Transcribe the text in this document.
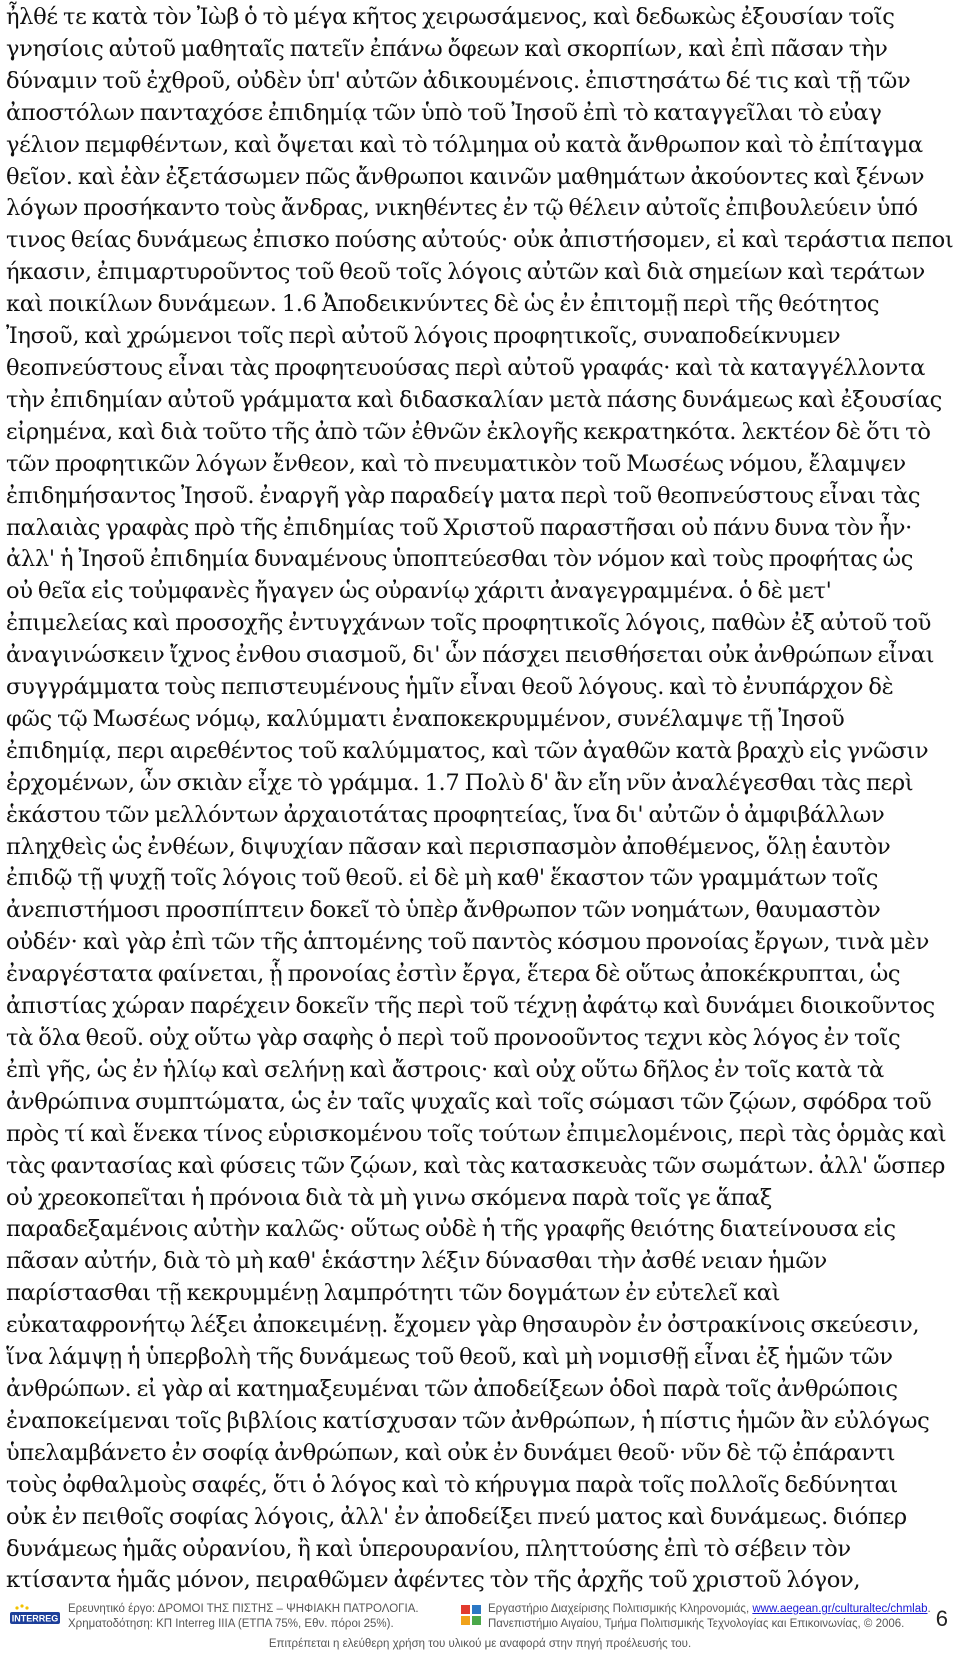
ἦλθέ τε κατὰ τὸν Ἰὼβ ὁ τὸ μέγα κῆτος χειρωσάμενος, καὶ δεδωκὼς ἐξουσίαν τοῖς
γνησίοις αὐτοῦ μαθηταῖς πατεῖν ἐπάνω ὄφεων καὶ σκορπίων, καὶ ἐπὶ πᾶσαν τὴν
δύναμιν τοῦ ἐχθροῦ, οὐδὲν ὑπ' αὐτῶν ἀδικουμένοις. ἐπιστησάτω δέ τις καὶ τῇ τῶν
ἀποστόλων πανταχόσε ἐπιδημίᾳ τῶν ὑπὸ τοῦ Ἰησοῦ ἐπὶ τὸ καταγγεῖλαι τὸ εὐαγ
γέλιον πεμφθέντων, καὶ ὄψεται καὶ τὸ τόλμημα οὐ κατὰ ἄνθρωπον καὶ τὸ ἐπίταγμα
θεῖον. καὶ ἐὰν ἐξετάσωμεν πῶς ἄνθρωποι καινῶν μαθημάτων ἀκούοντες καὶ ξένων
λόγων προσήκαντο τοὺς ἄνδρας, νικηθέντες ἐν τῷ θέλειν αὐτοῖς ἐπιβουλεύειν ὑπό
τινος θείας δυνάμεως ἐπισκο πούσης αὐτούς· οὐκ ἀπιστήσομεν, εἰ καὶ τεράστια πεποι
ήκασιν, ἐπιμαρτυροῦντος τοῦ θεοῦ τοῖς λόγοις αὐτῶν καὶ διὰ σημείων καὶ τεράτων
καὶ ποικίλων δυνάμεων. 1.6 Ἀποδεικνύντες δὲ ὡς ἐν ἐπιτομῇ περὶ τῆς θεότητος
Ἰησοῦ, καὶ χρώμενοι τοῖς περὶ αὐτοῦ λόγοις προφητικοῖς, συναποδείκνυμεν
θεοπνεύστους εἶναι τὰς προφητευούσας περὶ αὐτοῦ γραφάς· καὶ τὰ καταγγέλλοντα
τὴν ἐπιδημίαν αὐτοῦ γράμματα καὶ διδασκαλίαν μετὰ πάσης δυνάμεως καὶ ἐξουσίας
εἰρημένα, καὶ διὰ τοῦτο τῆς ἀπὸ τῶν ἐθνῶν ἐκλογῆς κεκρατηκότα. λεκτέον δὲ ὅτι τὸ
τῶν προφητικῶν λόγων ἔνθεον, καὶ τὸ πνευματικὸν τοῦ Μωσέως νόμου, ἔλαμψεν
ἐπιδημήσαντος Ἰησοῦ. ἐναργῆ γὰρ παραδείγ ματα περὶ τοῦ θεοπνεύστους εἶναι τὰς
παλαιὰς γραφὰς πρὸ τῆς ἐπιδημίας τοῦ Χριστοῦ παραστῆσαι οὐ πάνυ δυνα τὸν ἦν·
ἀλλ' ἡ Ἰησοῦ ἐπιδημία δυναμένους ὑποπτεύεσθαι τὸν νόμον καὶ τοὺς προφήτας ὡς
οὐ θεῖα εἰς τοὐμφανὲς ἤγαγεν ὡς οὐρανίῳ χάριτι ἀναγεγραμμένα. ὁ δὲ μετ'
ἐπιμελείας καὶ προσοχῆς ἐντυγχάνων τοῖς προφητικοῖς λόγοις, παθὼν ἐξ αὐτοῦ τοῦ
ἀναγινώσκειν ἴχνος ἐνθου σιασμοῦ, δι' ὧν πάσχει πεισθήσεται οὐκ ἀνθρώπων εἶναι
συγγράμματα τοὺς πεπιστευμένους ἡμῖν εἶναι θεοῦ λόγους. καὶ τὸ ἐνυπάρχον δὲ
φῶς τῷ Μωσέως νόμῳ, καλύμματι ἐναποκεκρυμμένον, συνέλαμψε τῇ Ἰησοῦ
ἐπιδημίᾳ, περι αιρεθέντος τοῦ καλύμματος, καὶ τῶν ἀγαθῶν κατὰ βραχὺ εἰς γνῶσιν
ἐρχομένων, ὧν σκιὰν εἶχε τὸ γράμμα. 1.7 Πολὺ δ' ἂν εἴη νῦν ἀναλέγεσθαι τὰς περὶ
ἑκάστου τῶν μελλόντων ἀρχαιοτάτας προφητείας, ἵνα δι' αὐτῶν ὁ ἀμφιβάλλων
πληχθεὶς ὡς ἐνθέων, διψυχίαν πᾶσαν καὶ περισπασμὸν ἀποθέμενος, ὅλῃ ἑαυτὸν
ἐπιδῷ τῇ ψυχῇ τοῖς λόγοις τοῦ θεοῦ. εἰ δὲ μὴ καθ' ἕκαστον τῶν γραμμάτων τοῖς
ἀνεπιστήμοσι προσπίπτειν δοκεῖ τὸ ὑπὲρ ἄνθρωπον τῶν νοημάτων, θαυμαστὸν
οὐδέν· καὶ γὰρ ἐπὶ τῶν τῆς ἁπτομένης τοῦ παντὸς κόσμου προνοίας ἔργων, τινὰ μὲν
ἐναργέστατα φαίνεται, ᾗ προνοίας ἐστὶν ἔργα, ἕτερα δὲ οὕτως ἀποκέκρυπται, ὡς
ἀπιστίας χώραν παρέχειν δοκεῖν τῆς περὶ τοῦ τέχνῃ ἀφάτῳ καὶ δυνάμει διοικοῦντος
τὰ ὅλα θεοῦ. οὐχ οὕτω γὰρ σαφὴς ὁ περὶ τοῦ προνοοῦντος τεχνι κὸς λόγος ἐν τοῖς
ἐπὶ γῆς, ὡς ἐν ἡλίῳ καὶ σελήνῃ καὶ ἄστροις· καὶ οὐχ οὕτω δῆλος ἐν τοῖς κατὰ τὰ
ἀνθρώπινα συμπτώματα, ὡς ἐν ταῖς ψυχαῖς καὶ τοῖς σώμασι τῶν ζῴων, σφόδρα τοῦ
πρὸς τί καὶ ἕνεκα τίνος εὑρισκομένου τοῖς τούτων ἐπιμελομένοις, περὶ τὰς ὁρμὰς καὶ
τὰς φαντασίας καὶ φύσεις τῶν ζῴων, καὶ τὰς κατασκευὰς τῶν σωμάτων. ἀλλ' ὥσπερ
οὐ χρεοκοπεῖται ἡ πρόνοια διὰ τὰ μὴ γινω σκόμενα παρὰ τοῖς γε ἅπαξ
παραδεξαμένοις αὐτὴν καλῶς· οὕτως οὐδὲ ἡ τῆς γραφῆς θειότης διατείνουσα εἰς
πᾶσαν αὐτήν, διὰ τὸ μὴ καθ' ἑκάστην λέξιν δύνασθαι τὴν ἀσθέ νειαν ἡμῶν
παρίστασθαι τῇ κεκρυμμένῃ λαμπρότητι τῶν δογμάτων ἐν εὐτελεῖ καὶ
εὐκαταφρονήτῳ λέξει ἀποκειμένῃ. ἔχομεν γὰρ θησαυρὸν ἐν ὀστρακίνοις σκεύεσιν,
ἵνα λάμψῃ ἡ ὑπερβολὴ τῆς δυνάμεως τοῦ θεοῦ, καὶ μὴ νομισθῇ εἶναι ἐξ ἡμῶν τῶν
ἀνθρώπων. εἰ γὰρ αἱ κατημαξευμέναι τῶν ἀποδείξεων ὁδοὶ παρὰ τοῖς ἀνθρώποις
ἐναποκείμεναι τοῖς βιβλίοις κατίσχυσαν τῶν ἀνθρώπων, ἡ πίστις ἡμῶν ἂν εὐλόγως
ὑπελαμβάνετο ἐν σοφίᾳ ἀνθρώπων, καὶ οὐκ ἐν δυνάμει θεοῦ· νῦν δὲ τῷ ἐπάραντι
τοὺς ὀφθαλμοὺς σαφές, ὅτι ὁ λόγος καὶ τὸ κήρυγμα παρὰ τοῖς πολλοῖς δεδύνηται
οὐκ ἐν πειθοῖς σοφίας λόγοις, ἀλλ' ἐν ἀποδείξει πνεύ ματος καὶ δυνάμεως. διόπερ
δυνάμεως ἡμᾶς οὐρανίου, ἢ καὶ ὑπερουρανίου, πληττούσης ἐπὶ τὸ σέβειν τὸν
κτίσαντα ἡμᾶς μόνον, πειραθῶμεν ἀφέντες τὸν τῆς ἀρχῆς τοῦ χριστοῦ λόγον,
INTERREG
Ερευνητικό έργο: ΔΡΟΜΟΙ ΤΗΣ ΠΙΣΤΗΣ – ΨΗΦΙΑΚΗ ΠΑΤΡΟΛΟΓΙΑ.
Χρηματοδότηση: ΚΠ Interreg IIIA (ΕΤΠΑ 75%, Εθν. πόροι 25%).
Εργαστήριο Διαχείρισης Πολιτισμικής Κληρονομιάς, www.aegean.gr/culturaltec/chmlab.
Πανεπιστήμιο Αιγαίου, Τμήμα Πολιτισμικής Τεχνολογίας και Επικοινωνίας, © 2006.	6
Επιτρέπεται η ελεύθερη χρήση του υλικού με αναφορά στην πηγή προέλευσής του.
